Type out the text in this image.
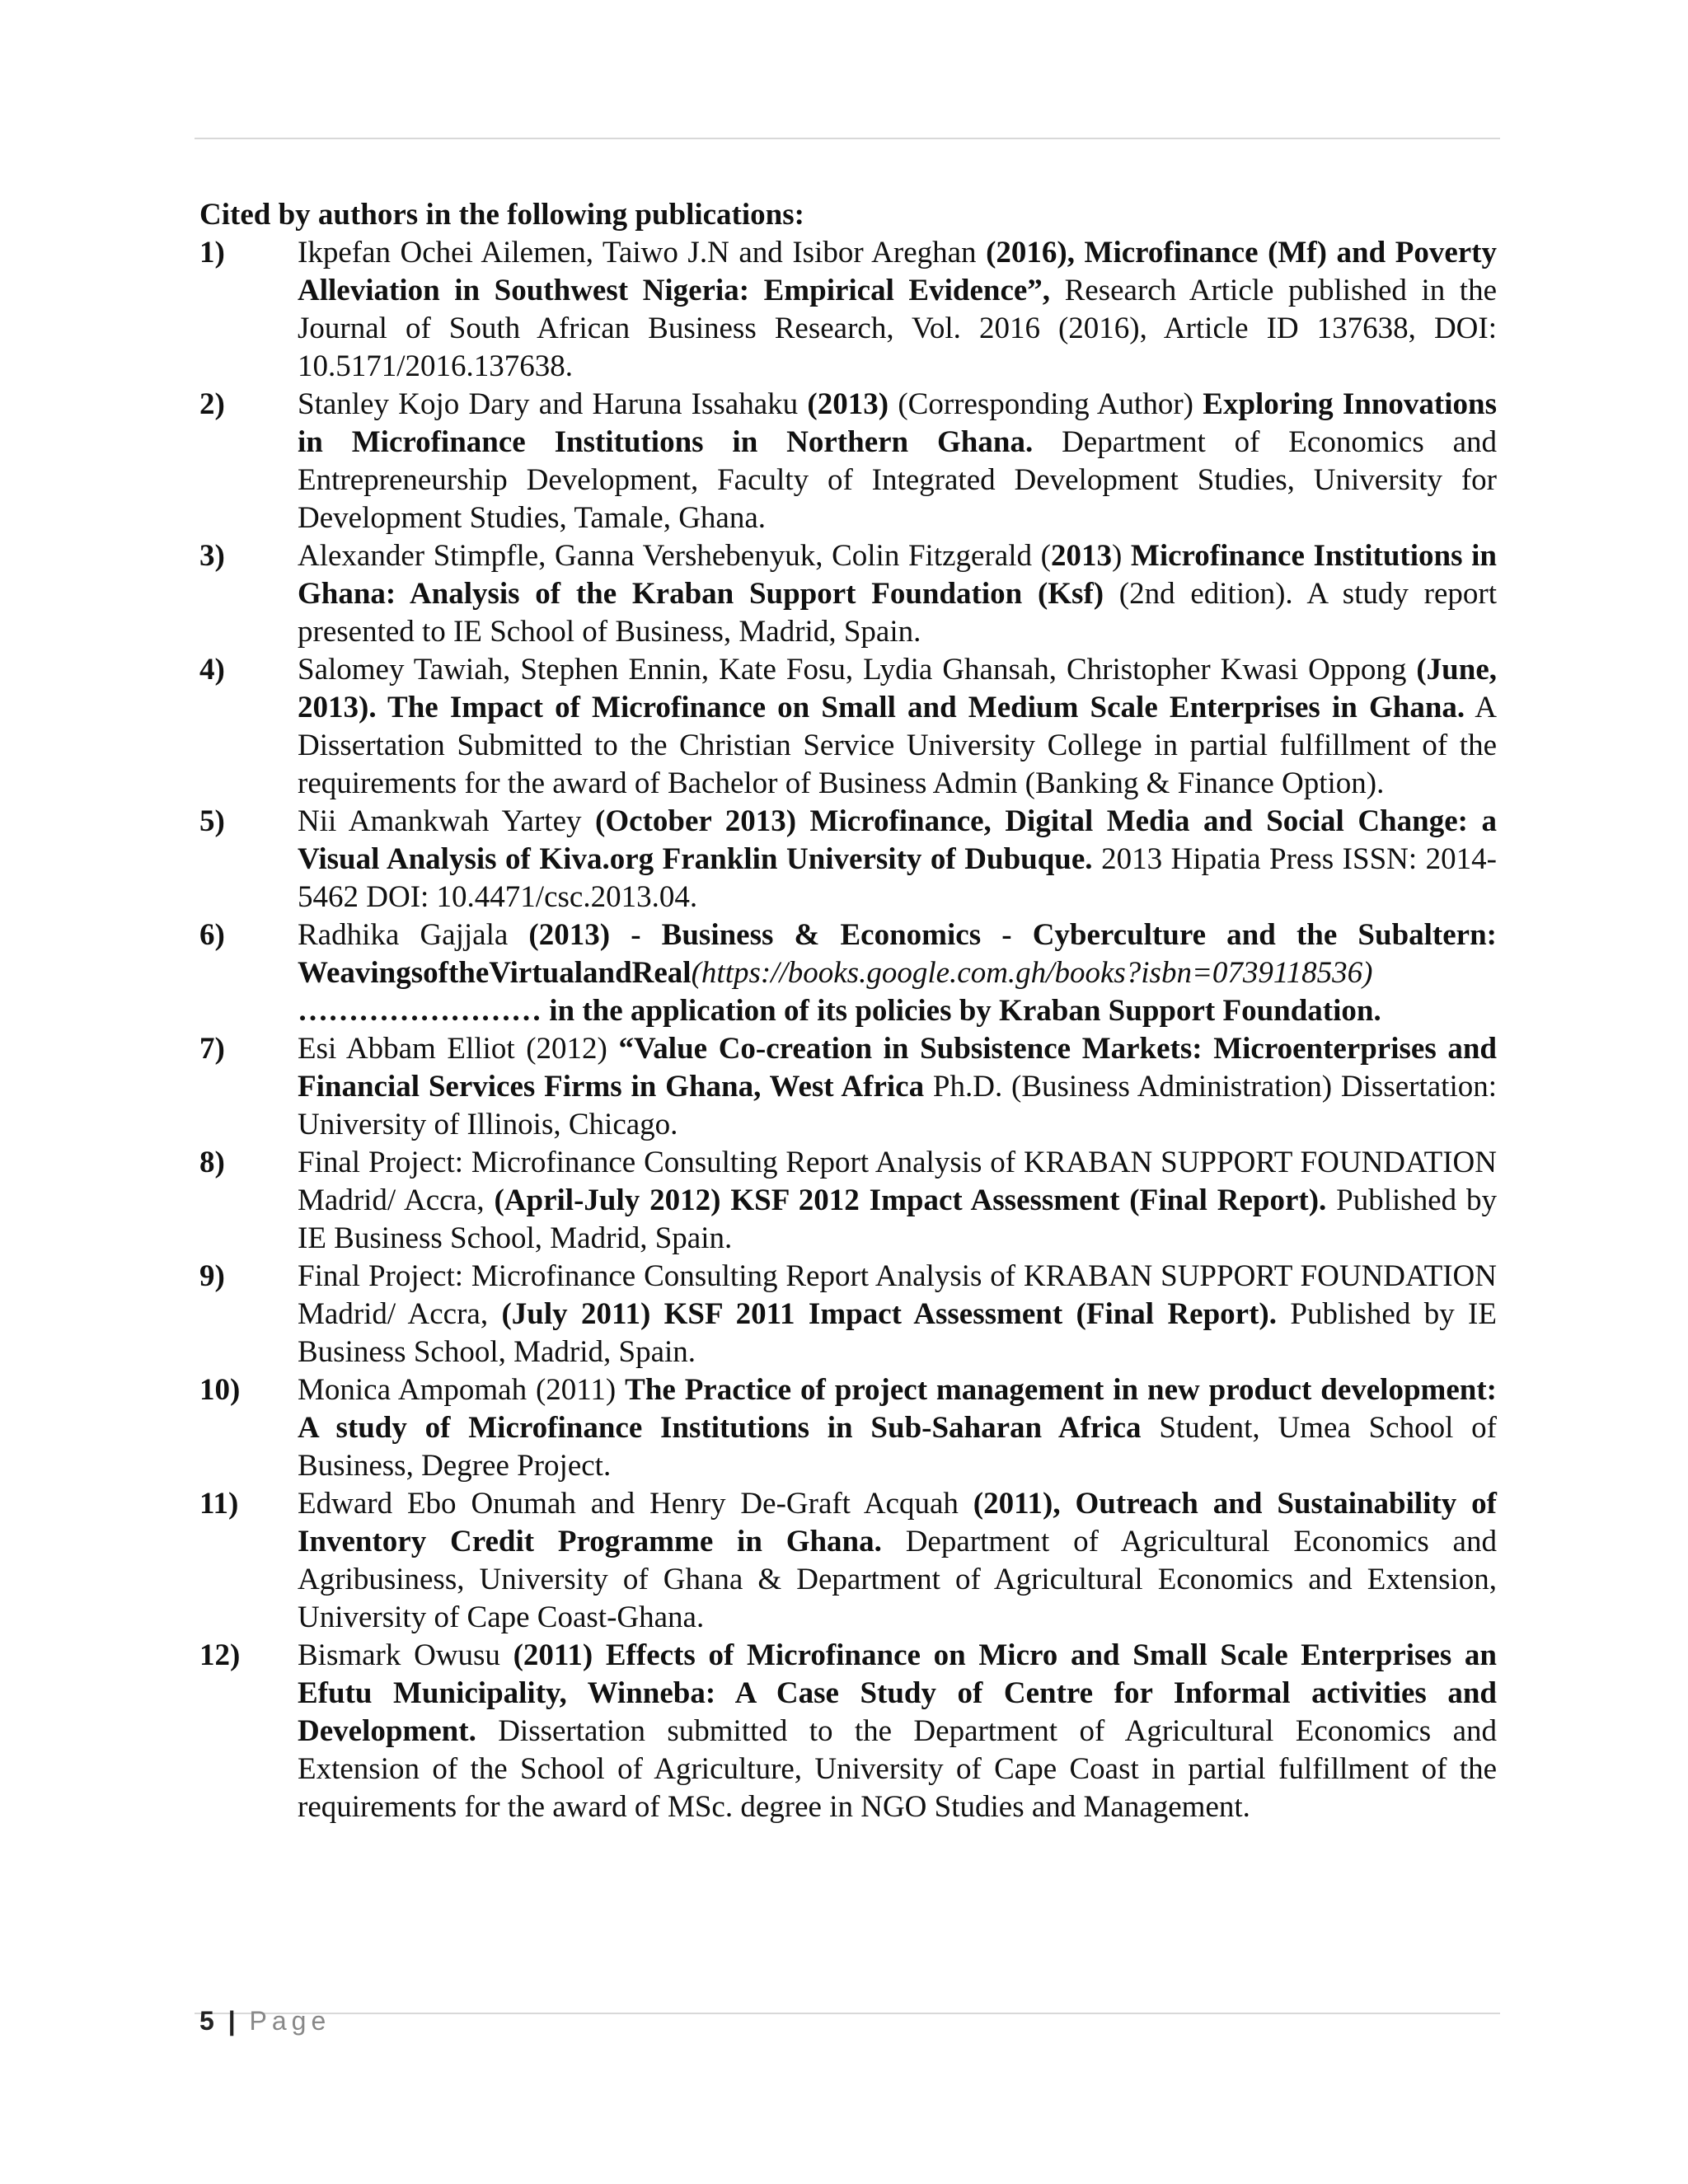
Cited by authors in the following publications:

1)	Ikpefan Ochei Ailemen, Taiwo J.N and Isibor Areghan (2016), Microfinance (Mf) and Poverty Alleviation in Southwest Nigeria: Empirical Evidence”, Research Article published in the Journal of South African Business Research, Vol. 2016 (2016), Article ID 137638, DOI: 10.5171/2016.137638.
2)	Stanley Kojo Dary and Haruna Issahaku (2013) (Corresponding Author) Exploring Innovations in Microfinance Institutions in Northern Ghana. Department of Economics and Entrepreneurship Development, Faculty of Integrated Development Studies, University for Development Studies, Tamale, Ghana.
3)	Alexander Stimpfle, Ganna Vershebenyuk, Colin Fitzgerald (2013) Microfinance Institutions in Ghana: Analysis of the Kraban Support Foundation (Ksf) (2nd edition). A study report presented to IE School of Business, Madrid, Spain.
4)	Salomey Tawiah, Stephen Ennin, Kate Fosu, Lydia Ghansah, Christopher Kwasi Oppong (June, 2013). The Impact of Microfinance on Small and Medium Scale Enterprises in Ghana. A Dissertation Submitted to the Christian Service University College in partial fulfillment of the requirements for the award of Bachelor of Business Admin (Banking & Finance Option).
5)	Nii Amankwah Yartey (October 2013) Microfinance, Digital Media and Social Change: a Visual Analysis of Kiva.org Franklin University of Dubuque. 2013 Hipatia Press ISSN: 2014-5462 DOI: 10.4471/csc.2013.04.
6)	Radhika Gajjala (2013) - Business & Economics - Cyberculture and the Subaltern: WeavingsoftheVirtualandReal(https://books.google.com.gh/books?isbn=0739118536) …………………… in the application of its policies by Kraban Support Foundation.
7)	Esi Abbam Elliot (2012) “Value Co-creation in Subsistence Markets: Microenterprises and Financial Services Firms in Ghana, West Africa Ph.D. (Business Administration) Dissertation: University of Illinois, Chicago.
8)	Final Project: Microfinance Consulting Report Analysis of KRABAN SUPPORT FOUNDATION Madrid/ Accra, (April-July 2012) KSF 2012 Impact Assessment (Final Report). Published by IE Business School, Madrid, Spain.
9)	Final Project: Microfinance Consulting Report Analysis of KRABAN SUPPORT FOUNDATION Madrid/ Accra, (July 2011) KSF 2011 Impact Assessment (Final Report). Published by IE Business School, Madrid, Spain.
10)	Monica Ampomah (2011) The Practice of project management in new product development: A study of Microfinance Institutions in Sub-Saharan Africa Student, Umea School of Business, Degree Project.
11)	Edward Ebo Onumah and Henry De-Graft Acquah (2011), Outreach and Sustainability of Inventory Credit Programme in Ghana. Department of Agricultural Economics and Agribusiness, University of Ghana & Department of Agricultural Economics and Extension, University of Cape Coast-Ghana.
12)	Bismark Owusu (2011) Effects of Microfinance on Micro and Small Scale Enterprises an Efutu Municipality, Winneba: A Case Study of Centre for Informal activities and Development. Dissertation submitted to the Department of Agricultural Economics and Extension of the School of Agriculture, University of Cape Coast in partial fulfillment of the requirements for the award of MSc. degree in NGO Studies and Management.
5 | Page
